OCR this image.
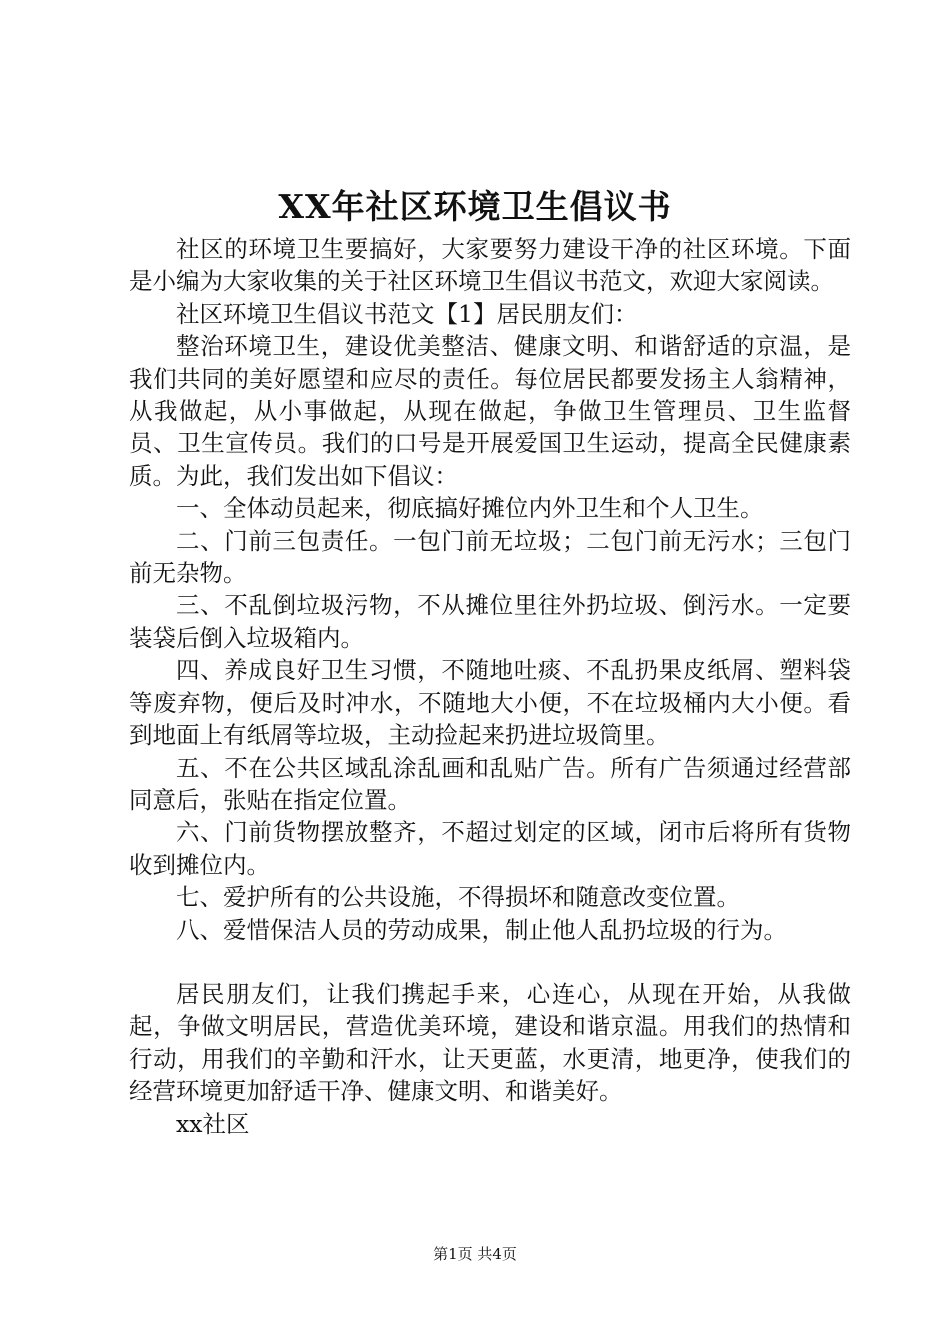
XX年社区环境卫生倡议书

社区的环境卫生要搞好，大家要努力建设干净的社区环境。下面是小编为大家收集的关于社区环境卫生倡议书范文，欢迎大家阅读。

社区环境卫生倡议书范文【1】居民朋友们：

整治环境卫生，建设优美整洁、健康文明、和谐舒适的京温，是我们共同的美好愿望和应尽的责任。每位居民都要发扬主人翁精神，从我做起，从小事做起，从现在做起，争做卫生管理员、卫生监督员、卫生宣传员。我们的口号是开展爱国卫生运动，提高全民健康素质。为此，我们发出如下倡议：

一、全体动员起来，彻底搞好摊位内外卫生和个人卫生。

二、门前三包责任。一包门前无垃圾；二包门前无污水；三包门前无杂物。

三、不乱倒垃圾污物，不从摊位里往外扔垃圾、倒污水。一定要装袋后倒入垃圾箱内。

四、养成良好卫生习惯，不随地吐痰、不乱扔果皮纸屑、塑料袋等废弃物，便后及时冲水，不随地大小便，不在垃圾桶内大小便。看到地面上有纸屑等垃圾，主动捡起来扔进垃圾筒里。

五、不在公共区域乱涂乱画和乱贴广告。所有广告须通过经营部同意后，张贴在指定位置。

六、门前货物摆放整齐，不超过划定的区域，闭市后将所有货物收到摊位内。

七、爱护所有的公共设施，不得损坏和随意改变位置。

八、爱惜保洁人员的劳动成果，制止他人乱扔垃圾的行为。

居民朋友们，让我们携起手来，心连心，从现在开始，从我做起，争做文明居民，营造优美环境，建设和谐京温。用我们的热情和行动，用我们的辛勤和汗水，让天更蓝，水更清，地更净，使我们的经营环境更加舒适干净、健康文明、和谐美好。

xx社区

第1页 共4页
